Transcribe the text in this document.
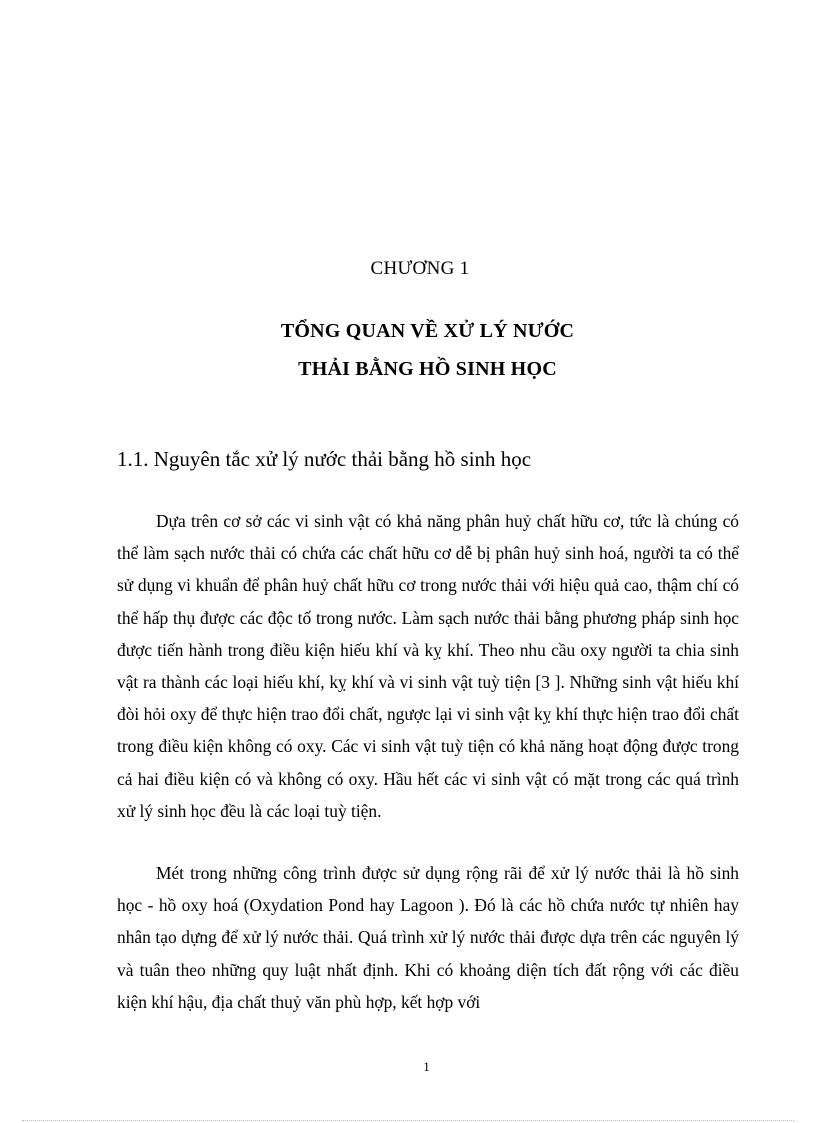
CHƯƠNG 1
TỔNG QUAN VỀ XỬ LÝ NƯỚC
THẢI BẰNG HỒ SINH HỌC
1.1. Nguyên tắc xử lý nước thải bằng hồ sinh học

Dựa trên cơ sở các vi sinh vật có khả năng phân huỷ chất hữu cơ, tức là chúng có thể làm sạch nước thải có chứa các chất hữu cơ dễ bị phân huỷ sinh hoá, người ta có thể sử dụng vi khuẩn để phân huỷ chất hữu cơ trong nước thải với hiệu quả cao, thậm chí có thể hấp thụ được các độc tố trong nước. Làm sạch nước thải bằng phương pháp sinh học được tiến hành trong điều kiện hiếu khí và kỵ khí. Theo nhu cầu oxy người ta chia sinh vật ra thành các loại hiếu khí, kỵ khí và vi sinh vật tuỳ tiện [3 ]. Những sinh vật hiếu khí đòi hỏi oxy để thực hiện trao đổi chất, ngược lại vi sinh vật kỵ khí thực hiện trao đổi chất trong điều kiện không có oxy. Các vi sinh vật tuỳ tiện có khả năng hoạt động được trong cả hai điều kiện có và không có oxy. Hầu hết các vi sinh vật có mặt trong các quá trình xử lý sinh học đều là các loại tuỳ tiện.

Mét trong những công trình được sử dụng rộng rãi để xử lý nước thải là hồ sinh học - hồ oxy hoá (Oxydation Pond hay Lagoon ). Đó là các hồ chứa nước tự nhiên hay nhân tạo dựng để xử lý nước thải. Quá trình xử lý nước thải được dựa trên các nguyên lý và tuân theo những quy luật nhất định. Khi có khoảng diện tích đất rộng với các điều kiện khí hậu, địa chất thuỷ văn phù hợp, kết hợp với

1
